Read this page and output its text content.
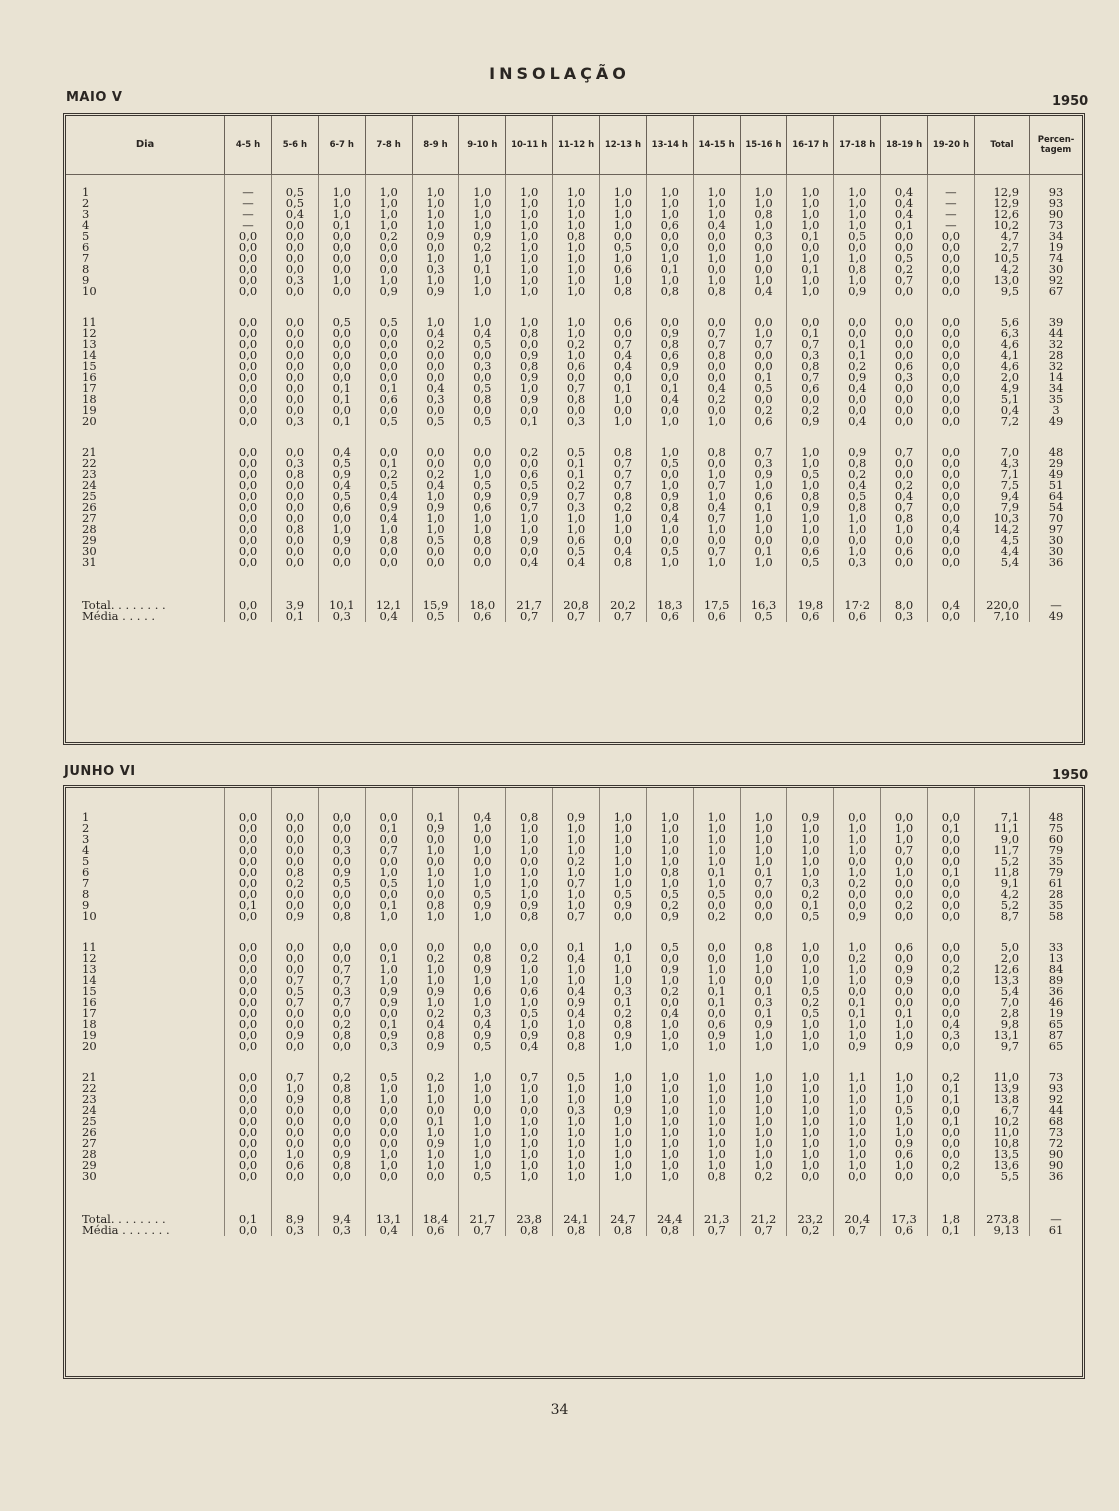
INSOLAÇÃO
MAIO V	1950
Dia	4-5 h	5-6 h	6-7 h	7-8 h	8-9 h	9-10 h	10-11 h	11-12 h	12-13 h	13-14 h	14-15 h	15-16 h	16-17 h	17-18 h	18-19 h	19-20 h	Total	Percen-
tagem

1	—	0,5	1,0	1,0	1,0	1,0	1,0	1,0	1,0	1,0	1,0	1,0	1,0	1,0	0,4	—	12,9	93
2	—	0,5	1,0	1,0	1,0	1,0	1,0	1,0	1,0	1,0	1,0	1,0	1,0	1,0	0,4	—	12,9	93
3	—	0,4	1,0	1,0	1,0	1,0	1,0	1,0	1,0	1,0	1,0	0,8	1,0	1,0	0,4	—	12,6	90
4	—	0,0	0,1	1,0	1,0	1,0	1,0	1,0	1,0	0,6	0,4	1,0	1,0	1,0	0,1	—	10,2	73
5	0,0	0,0	0,0	0,2	0,9	0,9	1,0	0,8	0,0	0,0	0,0	0,3	0,1	0,5	0,0	0,0	4,7	34
6	0,0	0,0	0,0	0,0	0,0	0,2	1,0	1,0	0,5	0,0	0,0	0,0	0,0	0,0	0,0	0,0	2,7	19
7	0,0	0,0	0,0	0,0	1,0	1,0	1,0	1,0	1,0	1,0	1,0	1,0	1,0	1,0	0,5	0,0	10,5	74
8	0,0	0,0	0,0	0,0	0,3	0,1	1,0	1,0	0,6	0,1	0,0	0,0	0,1	0,8	0,2	0,0	4,2	30
9	0,0	0,3	1,0	1,0	1,0	1,0	1,0	1,0	1,0	1,0	1,0	1,0	1,0	1,0	0,7	0,0	13,0	92
10	0,0	0,0	0,0	0,9	0,9	1,0	1,0	1,0	0,8	0,8	0,8	0,4	1,0	0,9	0,0	0,0	9,5	67

11	0,0	0,0	0,5	0,5	1,0	1,0	1,0	1,0	0,6	0,0	0,0	0,0	0,0	0,0	0,0	0,0	5,6	39
12	0,0	0,0	0,0	0,0	0,4	0,4	0,8	1,0	0,0	0,9	0,7	1,0	0,1	0,0	0,0	0,0	6,3	44
13	0,0	0,0	0,0	0,0	0,2	0,5	0,0	0,2	0,7	0,8	0,7	0,7	0,7	0,1	0,0	0,0	4,6	32
14	0,0	0,0	0,0	0,0	0,0	0,0	0,9	1,0	0,4	0,6	0,8	0,0	0,3	0,1	0,0	0,0	4,1	28
15	0,0	0,0	0,0	0,0	0,0	0,3	0,8	0,6	0,4	0,9	0,0	0,0	0,8	0,2	0,6	0,0	4,6	32
16	0,0	0,0	0,0	0,0	0,0	0,0	0,9	0,0	0,0	0,0	0,0	0,1	0,7	0,9	0,3	0,0	2,0	14
17	0,0	0,0	0,1	0,1	0,4	0,5	1,0	0,7	0,1	0,1	0,4	0,5	0,6	0,4	0,0	0,0	4,9	34
18	0,0	0,0	0,1	0,6	0,3	0,8	0,9	0,8	1,0	0,4	0,2	0,0	0,0	0,0	0,0	0,0	5,1	35
19	0,0	0,0	0,0	0,0	0,0	0,0	0,0	0,0	0,0	0,0	0,0	0,2	0,2	0,0	0,0	0,0	0,4	3
20	0,0	0,3	0,1	0,5	0,5	0,5	0,1	0,3	1,0	1,0	1,0	0,6	0,9	0,4	0,0	0,0	7,2	49

21	0,0	0,0	0,4	0,0	0,0	0,0	0,2	0,5	0,8	1,0	0,8	0,7	1,0	0,9	0,7	0,0	7,0	48
22	0,0	0,3	0,5	0,1	0,0	0,0	0,0	0,1	0,7	0,5	0,0	0,3	1,0	0,8	0,0	0,0	4,3	29
23	0,0	0,8	0,9	0,2	0,2	1,0	0,6	0,1	0,7	0,0	1,0	0,9	0,5	0,2	0,0	0,0	7,1	49
24	0,0	0,0	0,4	0,5	0,4	0,5	0,5	0,2	0,7	1,0	0,7	1,0	1,0	0,4	0,2	0,0	7,5	51
25	0,0	0,0	0,5	0,4	1,0	0,9	0,9	0,7	0,8	0,9	1,0	0,6	0,8	0,5	0,4	0,0	9,4	64
26	0,0	0,0	0,6	0,9	0,9	0,6	0,7	0,3	0,2	0,8	0,4	0,1	0,9	0,8	0,7	0,0	7,9	54
27	0,0	0,0	0,0	0,4	1,0	1,0	1,0	1,0	1,0	0,4	0,7	1,0	1,0	1,0	0,8	0,0	10,3	70
28	0,0	0,8	1,0	1,0	1,0	1,0	1,0	1,0	1,0	1,0	1,0	1,0	1,0	1,0	1,0	0,4	14,2	97
29	0,0	0,0	0,9	0,8	0,5	0,8	0,9	0,6	0,0	0,0	0,0	0,0	0,0	0,0	0,0	0,0	4,5	30
30	0,0	0,0	0,0	0,0	0,0	0,0	0,0	0,5	0,4	0,5	0,7	0,1	0,6	1,0	0,6	0,0	4,4	30
31	0,0	0,0	0,0	0,0	0,0	0,0	0,4	0,4	0,8	1,0	1,0	1,0	0,5	0,3	0,0	0,0	5,4	36

Total. . . . . . . .	0,0	3,9	10,1	12,1	15,9	18,0	21,7	20,8	20,2	18,3	17,5	16,3	19,8	17·2	8,0	0,4	220,0	—
Média . . . . .	0,0	0,1	0,3	0,4	0,5	0,6	0,7	0,7	0,7	0,6	0,6	0,5	0,6	0,6	0,3	0,0	7,10	49
JUNHO VI	1950

1	0,0	0,0	0,0	0,0	0,1	0,4	0,8	0,9	1,0	1,0	1,0	1,0	0,9	0,0	0,0	0,0	7,1	48
2	0,0	0,0	0,0	0,1	0,9	1,0	1,0	1,0	1,0	1,0	1,0	1,0	1,0	1,0	1,0	0,1	11,1	75
3	0,0	0,0	0,0	0,0	0,0	0,0	1,0	1,0	1,0	1,0	1,0	1,0	1,0	1,0	1,0	0,0	9,0	60
4	0,0	0,0	0,3	0,7	1,0	1,0	1,0	1,0	1,0	1,0	1,0	1,0	1,0	1,0	0,7	0,0	11,7	79
5	0,0	0,0	0,0	0,0	0,0	0,0	0,0	0,2	1,0	1,0	1,0	1,0	1,0	0,0	0,0	0,0	5,2	35
6	0,0	0,8	0,9	1,0	1,0	1,0	1,0	1,0	1,0	0,8	0,1	0,1	1,0	1,0	1,0	0,1	11,8	79
7	0,0	0,2	0,5	0,5	1,0	1,0	1,0	0,7	1,0	1,0	1,0	0,7	0,3	0,2	0,0	0,0	9,1	61
8	0,0	0,0	0,0	0,0	0,0	0,5	1,0	1,0	0,5	0,5	0,5	0,0	0,2	0,0	0,0	0,0	4,2	28
9	0,1	0,0	0,0	0,1	0,8	0,9	0,9	1,0	0,9	0,2	0,0	0,0	0,1	0,0	0,2	0,0	5,2	35
10	0,0	0,9	0,8	1,0	1,0	1,0	0,8	0,7	0,0	0,9	0,2	0,0	0,5	0,9	0,0	0,0	8,7	58

11	0,0	0,0	0,0	0,0	0,0	0,0	0,0	0,1	1,0	0,5	0,0	0,8	1,0	1,0	0,6	0,0	5,0	33
12	0,0	0,0	0,0	0,1	0,2	0,8	0,2	0,4	0,1	0,0	0,0	1,0	0,0	0,2	0,0	0,0	2,0	13
13	0,0	0,0	0,7	1,0	1,0	0,9	1,0	1,0	1,0	0,9	1,0	1,0	1,0	1,0	0,9	0,2	12,6	84
14	0,0	0,7	0,7	1,0	1,0	1,0	1,0	1,0	1,0	1,0	1,0	0,0	1,0	1,0	0,9	0,0	13,3	89
15	0,0	0,5	0,3	0,9	0,9	0,6	0,6	0,4	0,3	0,2	0,1	0,1	0,5	0,0	0,0	0,0	5,4	36
16	0,0	0,7	0,7	0,9	1,0	1,0	1,0	0,9	0,1	0,0	0,1	0,3	0,2	0,1	0,0	0,0	7,0	46
17	0,0	0,0	0,0	0,0	0,2	0,3	0,5	0,4	0,2	0,4	0,0	0,1	0,5	0,1	0,1	0,0	2,8	19
18	0,0	0,0	0,2	0,1	0,4	0,4	1,0	1,0	0,8	1,0	0,6	0,9	1,0	1,0	1,0	0,4	9,8	65
19	0,0	0,9	0,8	0,9	0,8	0,9	0,9	0,8	0,9	1,0	0,9	1,0	1,0	1,0	1,0	0,3	13,1	87
20	0,0	0,0	0,0	0,3	0,9	0,5	0,4	0,8	1,0	1,0	1,0	1,0	1,0	0,9	0,9	0,0	9,7	65

21	0,0	0,7	0,2	0,5	0,2	1,0	0,7	0,5	1,0	1,0	1,0	1,0	1,0	1,1	1,0	0,2	11,0	73
22	0,0	1,0	0,8	1,0	1,0	1,0	1,0	1,0	1,0	1,0	1,0	1,0	1,0	1,0	1,0	0,1	13,9	93
23	0,0	0,9	0,8	1,0	1,0	1,0	1,0	1,0	1,0	1,0	1,0	1,0	1,0	1,0	1,0	0,1	13,8	92
24	0,0	0,0	0,0	0,0	0,0	0,0	0,0	0,3	0,9	1,0	1,0	1,0	1,0	1,0	0,5	0,0	6,7	44
25	0,0	0,0	0,0	0,0	0,1	1,0	1,0	1,0	1,0	1,0	1,0	1,0	1,0	1,0	1,0	0,1	10,2	68
26	0,0	0,0	0,0	0,0	1,0	1,0	1,0	1,0	1,0	1,0	1,0	1,0	1,0	1,0	1,0	0,0	11,0	73
27	0,0	0,0	0,0	0,0	0,9	1,0	1,0	1,0	1,0	1,0	1,0	1,0	1,0	1,0	0,9	0,0	10,8	72
28	0,0	1,0	0,9	1,0	1,0	1,0	1,0	1,0	1,0	1,0	1,0	1,0	1,0	1,0	0,6	0,0	13,5	90
29	0,0	0,6	0,8	1,0	1,0	1,0	1,0	1,0	1,0	1,0	1,0	1,0	1,0	1,0	1,0	0,2	13,6	90
30	0,0	0,0	0,0	0,0	0,0	0,5	1,0	1,0	1,0	1,0	0,8	0,2	0,0	0,0	0,0	0,0	5,5	36

Total. . . . . . . .	0,1	8,9	9,4	13,1	18,4	21,7	23,8	24,1	24,7	24,4	21,3	21,2	23,2	20,4	17,3	1,8	273,8	—
Média . . . . . . .	0,0	0,3	0,3	0,4	0,6	0,7	0,8	0,8	0,8	0,8	0,7	0,7	0,2	0,7	0,6	0,1	9,13	61
34
